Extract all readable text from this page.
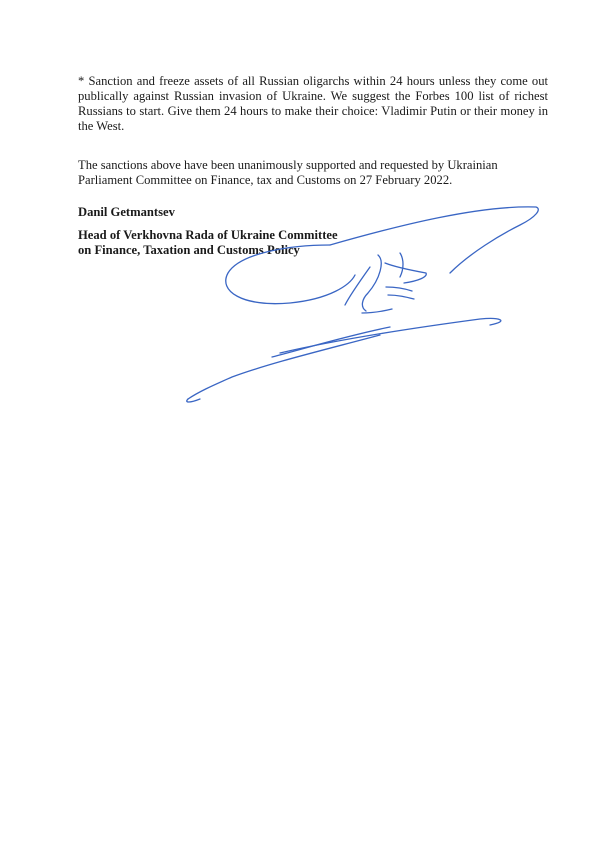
* Sanction and freeze assets of all Russian oligarchs within 24 hours unless they come out publically against Russian invasion of Ukraine. We suggest the Forbes 100 list of richest Russians to start. Give them 24 hours to make their choice: Vladimir Putin or their money in the West.

The sanctions above have been unanimously supported and requested by Ukrainian Parliament Committee on Finance, tax and Customs on 27 February 2022.

Danil Getmantsev
Head of Verkhovna Rada of Ukraine Committee
on Finance, Taxation and Customs Policy
